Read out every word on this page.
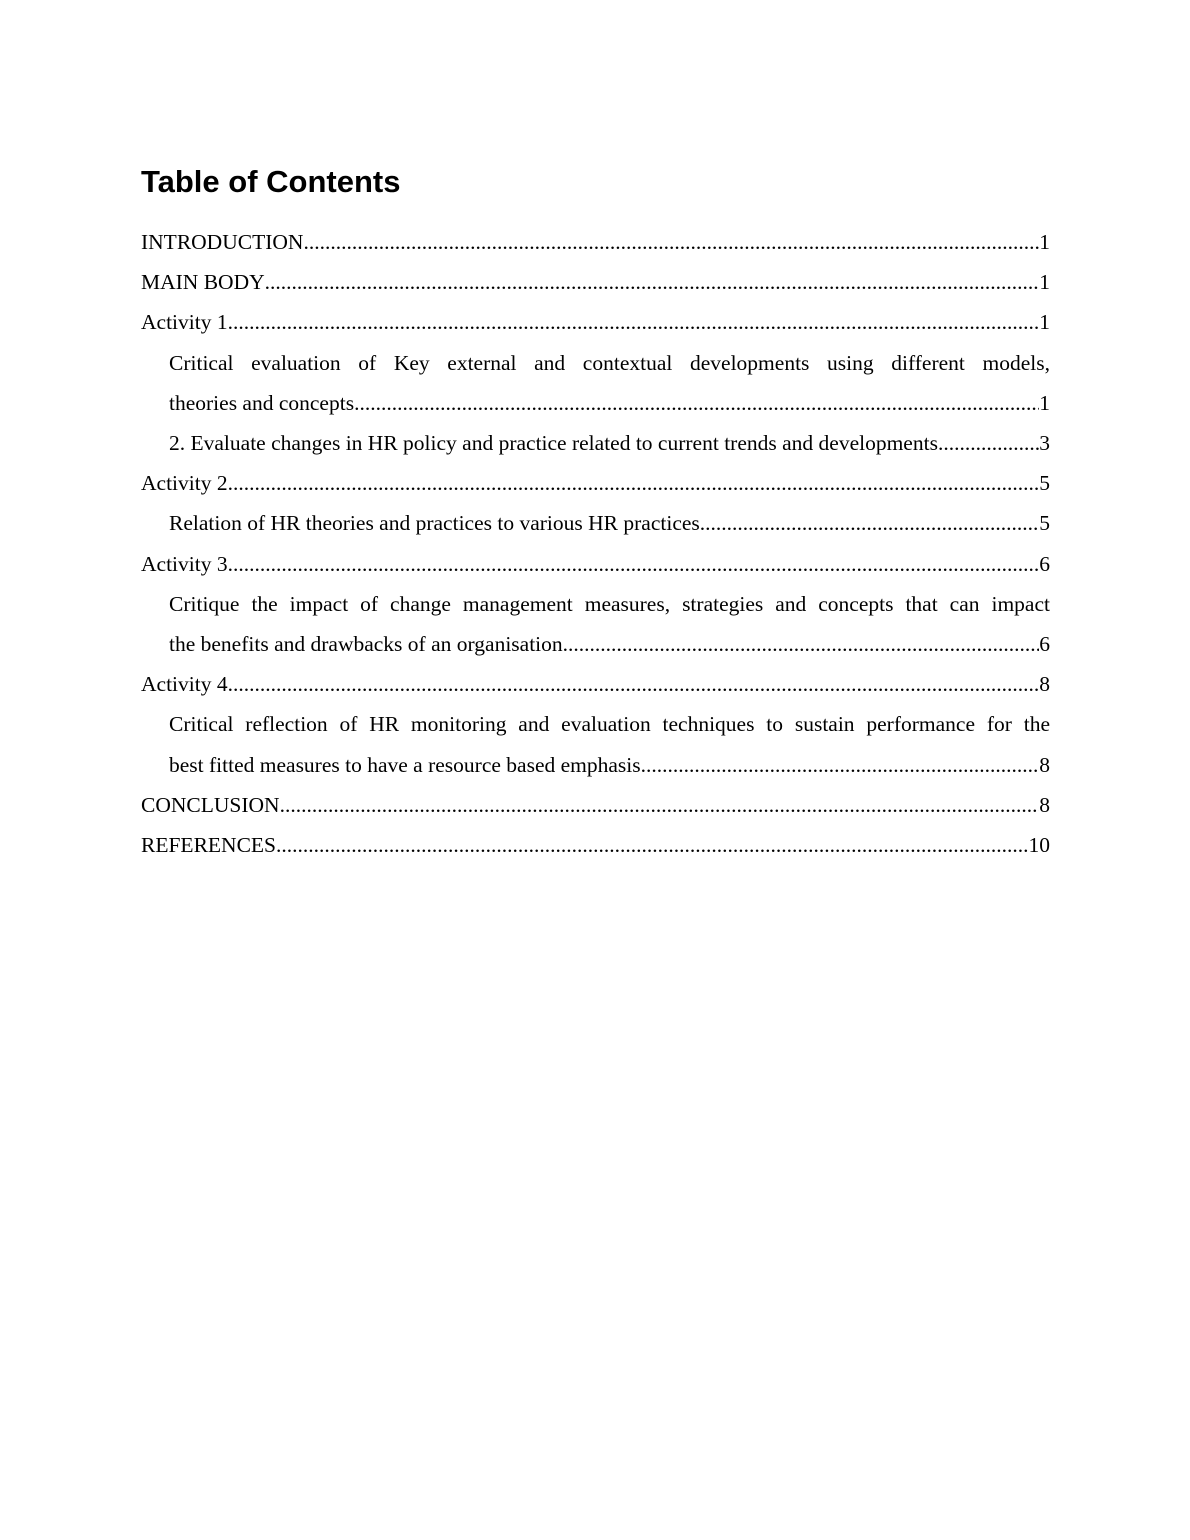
Table of Contents
INTRODUCTION .....	1
MAIN BODY .....	1
Activity 1 .....	1
Critical evaluation of Key external and contextual developments using different models,
theories and concepts .....	1
2. Evaluate changes in HR policy and practice related to current trends and developments .....	3
Activity 2 .....	5
Relation of HR theories and practices to various HR practices .....	5
Activity 3 .....	6
Critique the impact of change management measures, strategies and concepts that can impact
the benefits and drawbacks of an organisation .....	6
Activity 4 .....	8
Critical reflection of HR monitoring and evaluation techniques to sustain performance for the
best fitted measures to have a resource based emphasis .....	8
CONCLUSION .....	8
REFERENCES .....	10
